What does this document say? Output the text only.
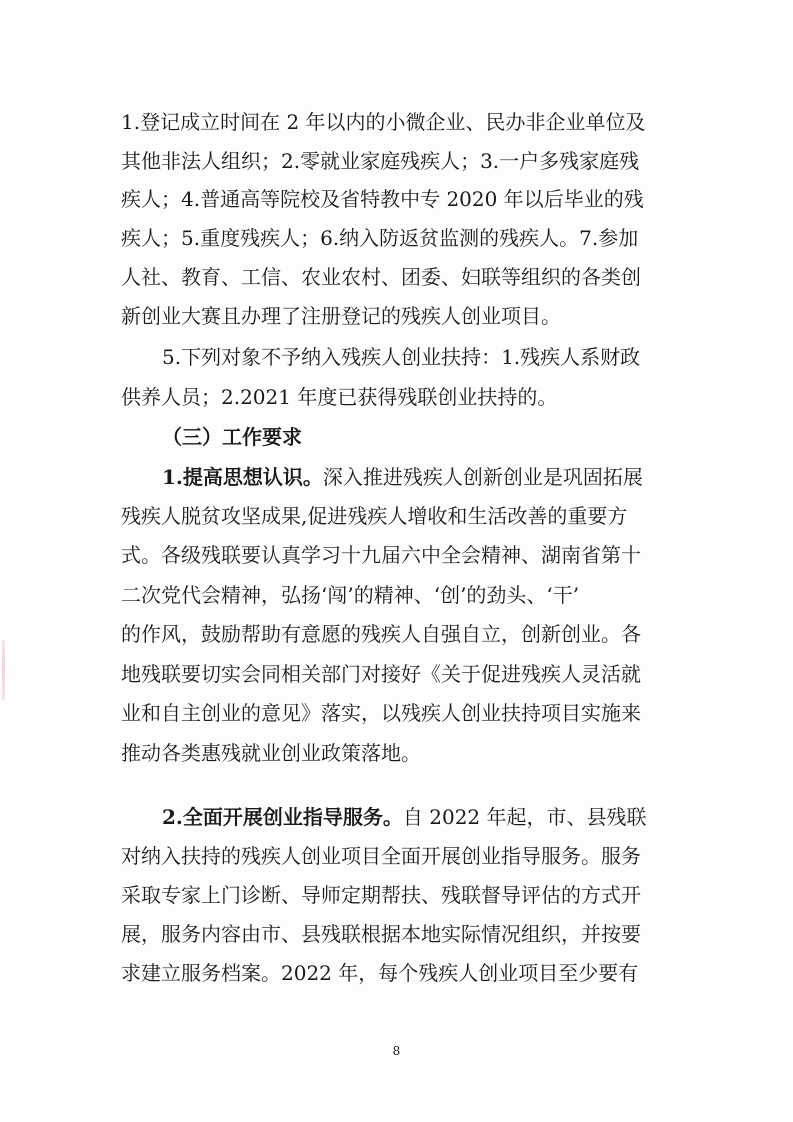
1.登记成立时间在 2 年以内的小微企业、民办非企业单位及
其他非法人组织；2.零就业家庭残疾人；3.一户多残家庭残
疾人；4.普通高等院校及省特教中专 2020 年以后毕业的残
疾人；5.重度残疾人；6.纳入防返贫监测的残疾人。7.参加
人社、教育、工信、农业农村、团委、妇联等组织的各类创
新创业大赛且办理了注册登记的残疾人创业项目。
5.下列对象不予纳入残疾人创业扶持：1.残疾人系财政
供养人员；2.2021 年度已获得残联创业扶持的。
（三）工作要求
1.提高思想认识。深入推进残疾人创新创业是巩固拓展
残疾人脱贫攻坚成果,促进残疾人增收和生活改善的重要方
式。各级残联要认真学习十九届六中全会精神、湖南省第十
二次党代会精神，弘扬‘闯’的精神、‘创’的劲头、‘干’
的作风，鼓励帮助有意愿的残疾人自强自立，创新创业。各
地残联要切实会同相关部门对接好《关于促进残疾人灵活就
业和自主创业的意见》落实，以残疾人创业扶持项目实施来
推动各类惠残就业创业政策落地。
2.全面开展创业指导服务。自 2022 年起，市、县残联
对纳入扶持的残疾人创业项目全面开展创业指导服务。服务
采取专家上门诊断、导师定期帮扶、残联督导评估的方式开
展，服务内容由市、县残联根据本地实际情况组织，并按要
求建立服务档案。2022 年，每个残疾人创业项目至少要有
8
